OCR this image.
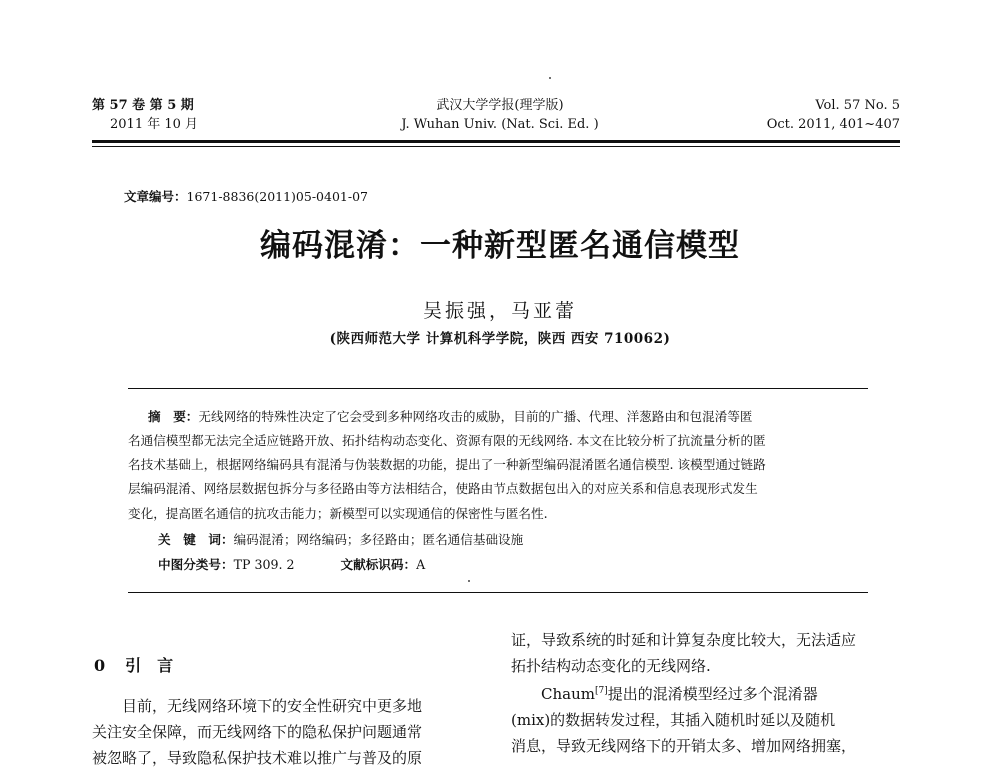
第 57 卷 第 5 期
2011 年 10 月
武汉大学学报(理学版)
J. Wuhan Univ. (Nat. Sci. Ed. )
Vol. 57 No. 5
Oct. 2011, 401~407
文章编号：1671-8836(2011)05-0401-07
编码混淆：一种新型匿名通信模型
吴振强，马亚蕾
(陕西师范大学 计算机科学学院，陕西 西安 710062)
摘　要：无线网络的特殊性决定了它会受到多种网络攻击的威胁，目前的广播、代理、洋葱路由和包混淆等匿
名通信模型都无法完全适应链路开放、拓扑结构动态变化、资源有限的无线网络. 本文在比较分析了抗流量分析的匿
名技术基础上，根据网络编码具有混淆与伪装数据的功能，提出了一种新型编码混淆匿名通信模型. 该模型通过链路
层编码混淆、网络层数据包拆分与多径路由等方法相结合，使路由节点数据包出入的对应关系和信息表现形式发生
变化，提高匿名通信的抗攻击能力；新模型可以实现通信的保密性与匿名性.
关　键　词：编码混淆；网络编码；多径路由；匿名通信基础设施
中图分类号：TP 309. 2	文献标识码：A
0 引　言
　　目前，无线网络环境下的安全性研究中更多地
关注安全保障，而无线网络下的隐私保护问题通常
被忽略了，导致隐私保护技术难以推广与普及的原
证，导致系统的时延和计算复杂度比较大，无法适应
拓扑结构动态变化的无线网络.
　　Chaum[7]提出的混淆模型经过多个混淆器
(mix)的数据转发过程，其插入随机时延以及随机
消息，导致无线网络下的开销太多、增加网络拥塞，
